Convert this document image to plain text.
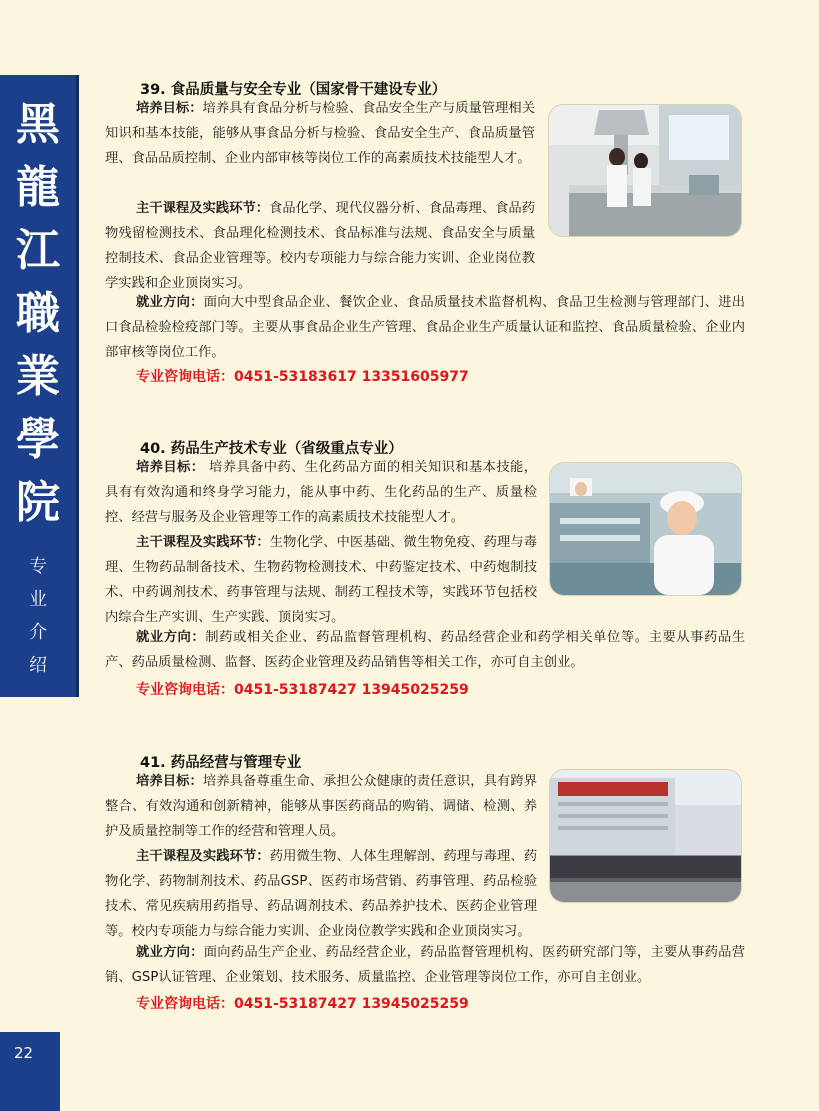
黑
龍
江
職
業
學
院
专
业
介
绍
22
39. 食品质量与安全专业（国家骨干建设专业）

培养目标：培养具有食品分析与检验、食品安全生产与质量管理相关知识和基本技能，能够从事食品分析与检验、食品安全生产、食品质量管理、食品品质控制、企业内部审核等岗位工作的高素质技术技能型人才。

主干课程及实践环节：食品化学、现代仪器分析、食品毒理、食品药物残留检测技术、食品理化检测技术、食品标准与法规、食品安全与质量控制技术、食品企业管理等。校内专项能力与综合能力实训、企业岗位教学实践和企业顶岗实习。

就业方向：面向大中型食品企业、餐饮企业、食品质量技术监督机构、食品卫生检测与管理部门、进出口食品检验检疫部门等。主要从事食品企业生产管理、食品企业生产质量认证和监控、食品质量检验、企业内部审核等岗位工作。

专业咨询电话：0451-53183617 13351605977
40. 药品生产技术专业（省级重点专业）

培养目标： 培养具备中药、生化药品方面的相关知识和基本技能，具有有效沟通和终身学习能力，能从事中药、生化药品的生产、质量检控、经营与服务及企业管理等工作的高素质技术技能型人才。

主干课程及实践环节：生物化学、中医基础、微生物免疫、药理与毒理、生物药品制备技术、生物药物检测技术、中药鉴定技术、中药炮制技术、中药调剂技术、药事管理与法规、制药工程技术等，实践环节包括校内综合生产实训、生产实践、顶岗实习。

就业方向：制药或相关企业、药品监督管理机构、药品经营企业和药学相关单位等。主要从事药品生产、药品质量检测、监督、医药企业管理及药品销售等相关工作，亦可自主创业。

专业咨询电话：0451-53187427 13945025259
41. 药品经营与管理专业

培养目标：培养具备尊重生命、承担公众健康的责任意识，具有跨界整合、有效沟通和创新精神，能够从事医药商品的购销、调储、检测、养护及质量控制等工作的经营和管理人员。

主干课程及实践环节：药用微生物、人体生理解剖、药理与毒理、药物化学、药物制剂技术、药品GSP、医药市场营销、药事管理、药品检验技术、常见疾病用药指导、药品调剂技术、药品养护技术、医药企业管理等。校内专项能力与综合能力实训、企业岗位教学实践和企业顶岗实习。

就业方向：面向药品生产企业、药品经营企业，药品监督管理机构、医药研究部门等，主要从事药品营销、GSP认证管理、企业策划、技术服务、质量监控、企业管理等岗位工作，亦可自主创业。

专业咨询电话：0451-53187427 13945025259
